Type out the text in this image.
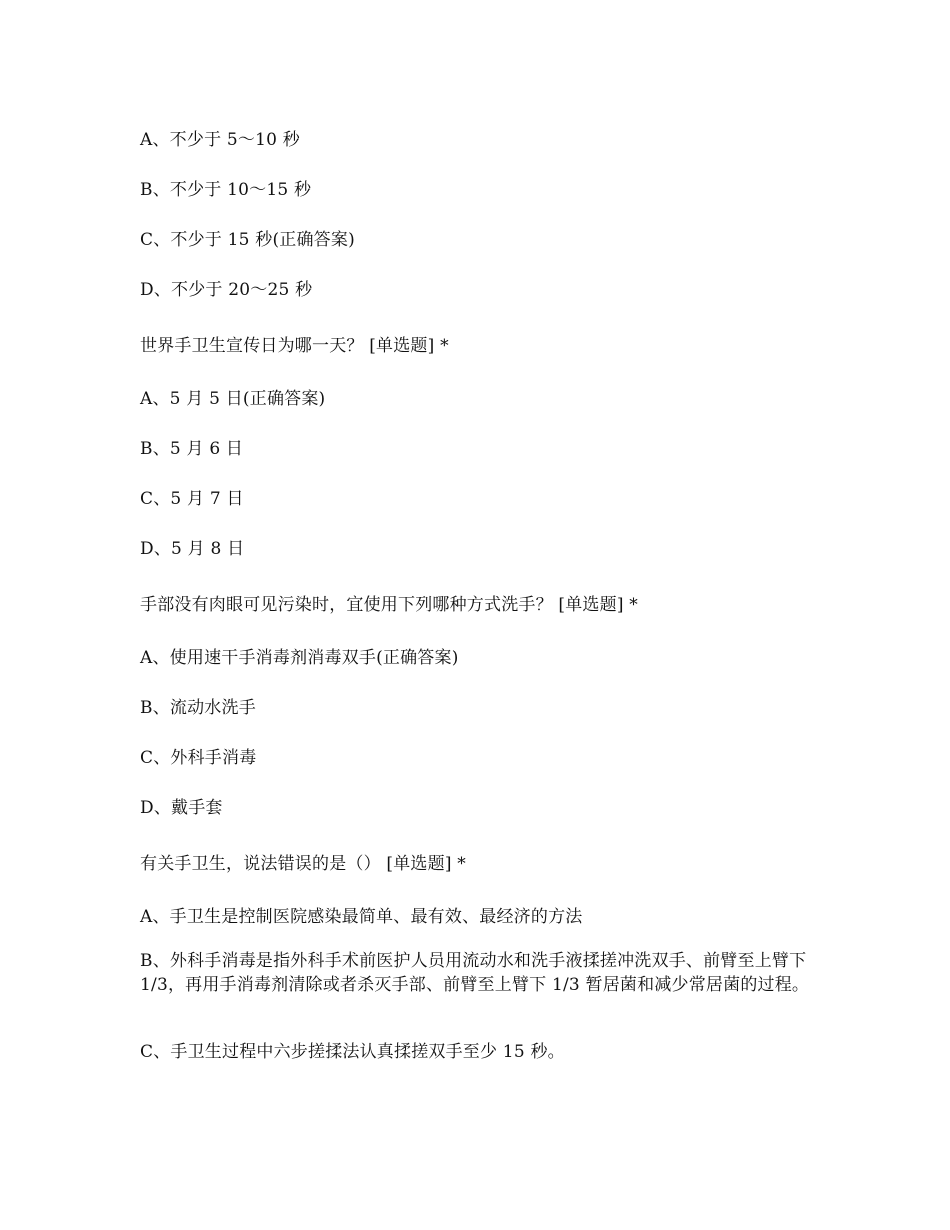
A、不少于 5～10 秒
B、不少于 10～15 秒
C、不少于 15 秒(正确答案)
D、不少于 20～25 秒
世界手卫生宣传日为哪一天？ [单选题] *
A、5 月 5 日(正确答案)
B、5 月 6 日
C、5 月 7 日
D、5 月 8 日
手部没有肉眼可见污染时，宜使用下列哪种方式洗手？ [单选题] *
A、使用速干手消毒剂消毒双手(正确答案)
B、流动水洗手
C、外科手消毒
D、戴手套
有关手卫生，说法错误的是（） [单选题] *
A、手卫生是控制医院感染最简单、最有效、最经济的方法
B、外科手消毒是指外科手术前医护人员用流动水和洗手液揉搓冲洗双手、前臂至上臂下 1/3，再用手消毒剂清除或者杀灭手部、前臂至上臂下 1/3 暂居菌和减少常居菌的过程。
C、手卫生过程中六步搓揉法认真揉搓双手至少 15 秒。
